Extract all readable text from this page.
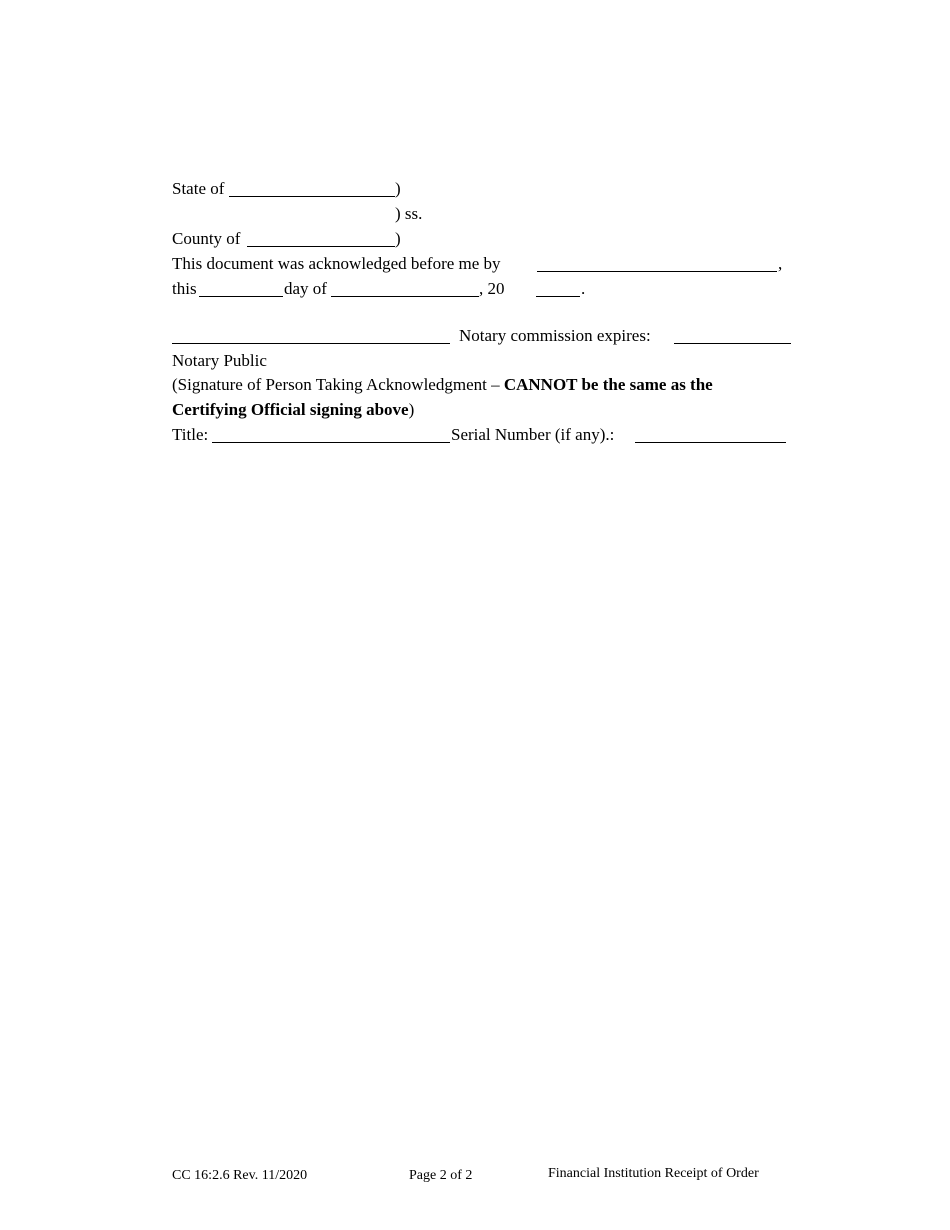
State of	)
) ss.
County of	)
This document was acknowledged before me by	,
this	day of	, 20	.
Notary commission expires:
Notary Public
(Signature of Person Taking Acknowledgment – CANNOT be the same as the
Certifying Official signing above)
Title:	Serial Number (if any).:
CC 16:2.6 Rev. 11/2020	Page 2 of 2	Financial Institution Receipt of Order
